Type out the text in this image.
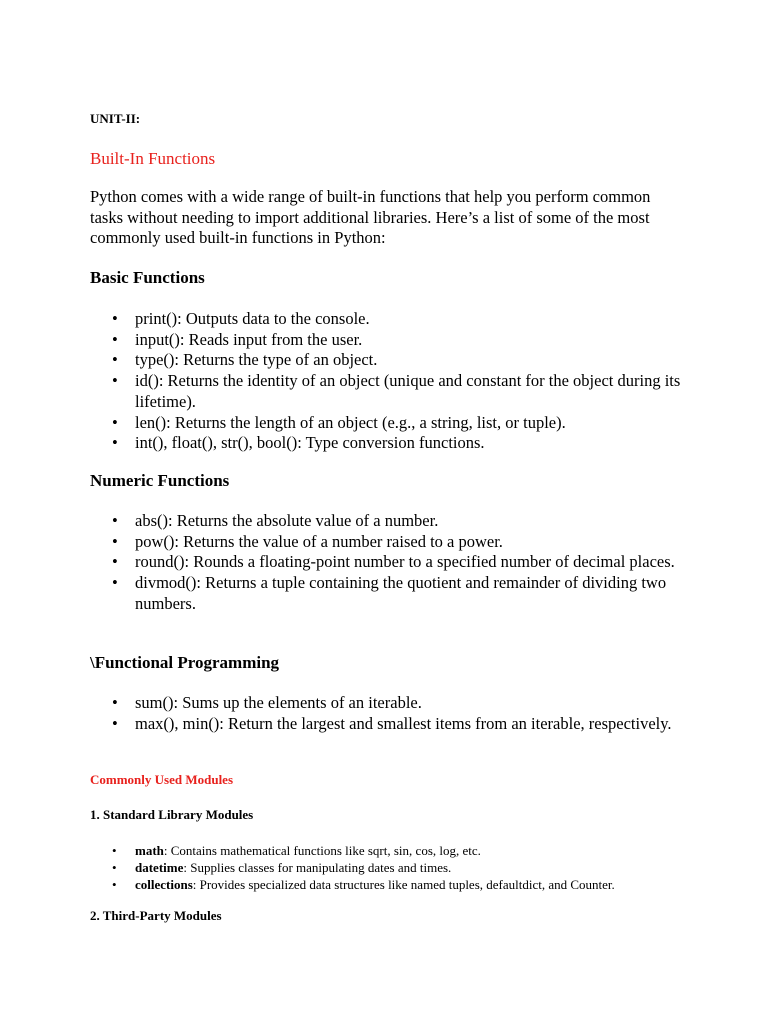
UNIT-II:

Built-In Functions

Python comes with a wide range of built-in functions that help you perform common tasks without needing to import additional libraries. Here’s a list of some of the most commonly used built-in functions in Python:

Basic Functions
• print(): Outputs data to the console.
• input(): Reads input from the user.
• type(): Returns the type of an object.
• id(): Returns the identity of an object (unique and constant for the object during its lifetime).
• len(): Returns the length of an object (e.g., a string, list, or tuple).
• int(), float(), str(), bool(): Type conversion functions.
Numeric Functions
• abs(): Returns the absolute value of a number.
• pow(): Returns the value of a number raised to a power.
• round(): Rounds a floating-point number to a specified number of decimal places.
• divmod(): Returns a tuple containing the quotient and remainder of dividing two numbers.
\Functional Programming
• sum(): Sums up the elements of an iterable.
• max(), min(): Return the largest and smallest items from an iterable, respectively.
Commonly Used Modules
1. Standard Library Modules
• math: Contains mathematical functions like sqrt, sin, cos, log, etc.
• datetime: Supplies classes for manipulating dates and times.
• collections: Provides specialized data structures like named tuples, defaultdict, and Counter.
2. Third-Party Modules
